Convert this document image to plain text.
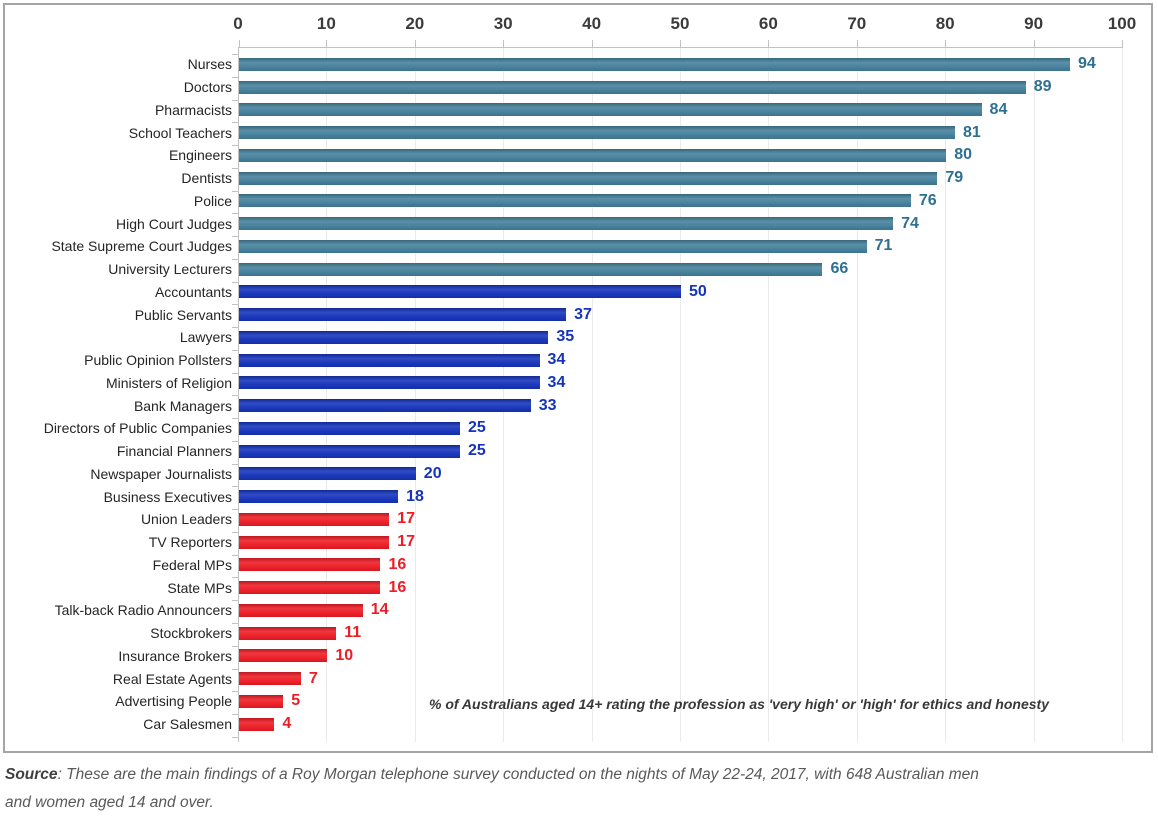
0	10	20	30	40	50	60	70	80	90	100
Nurses	94
Doctors	89
Pharmacists	84
School Teachers	81
Engineers	80
Dentists	79
Police	76
High Court Judges	74
State Supreme Court Judges	71
University Lecturers	66
Accountants	50
Public Servants	37
Lawyers	35
Public Opinion Pollsters	34
Ministers of Religion	34
Bank Managers	33
Directors of Public Companies	25
Financial Planners	25
Newspaper Journalists	20
Business Executives	18
Union Leaders	17
TV Reporters	17
Federal MPs	16
State MPs	16
Talk-back Radio Announcers	14
Stockbrokers	11
Insurance Brokers	10
Real Estate Agents	7
Advertising People	5
Car Salesmen	4
% of Australians aged 14+ rating the profession as 'very high' or 'high' for ethics and honesty
Source: These are the main findings of a Roy Morgan telephone survey conducted on the nights of May 22-24, 2017, with 648 Australian men
and women aged 14 and over.
